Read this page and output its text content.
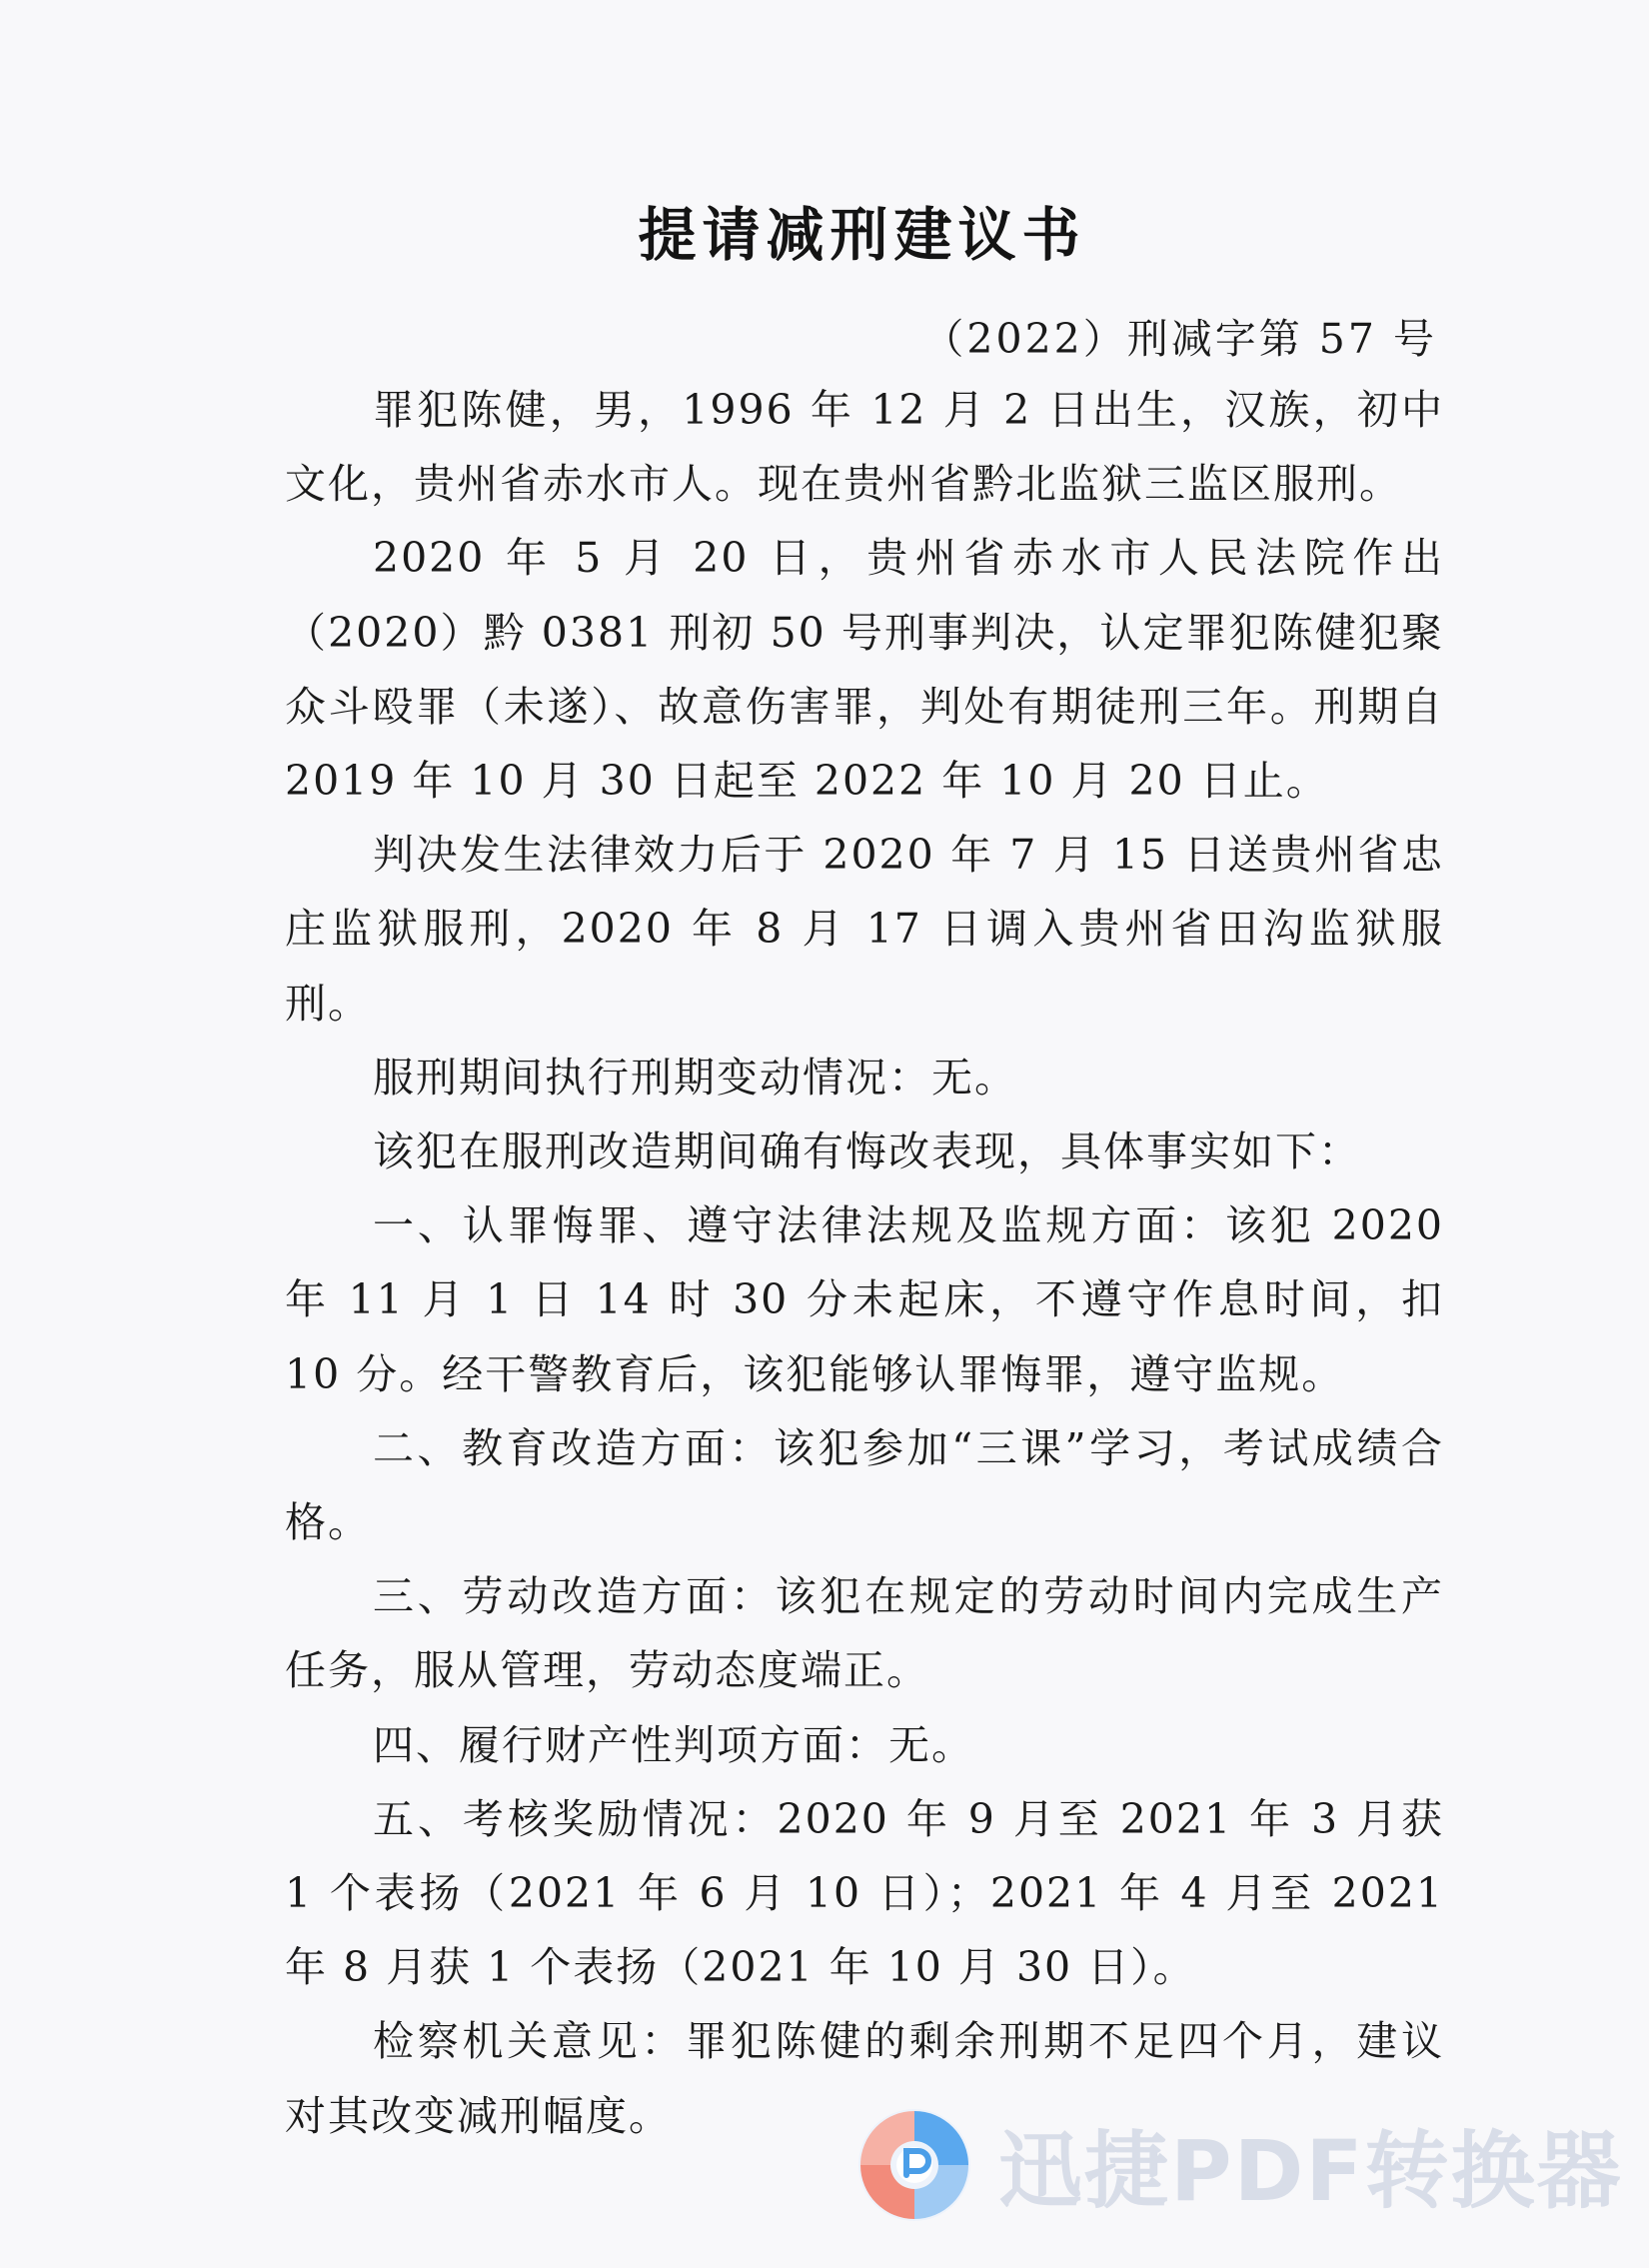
提请减刑建议书
（2022）刑减字第 57 号

罪犯陈健，男，1996 年 12 月 2 日出生，汉族，初中文化，贵州省赤水市人。现在贵州省黔北监狱三监区服刑。

2020 年 5 月 20 日，贵州省赤水市人民法院作出（2020）黔 0381 刑初 50 号刑事判决，认定罪犯陈健犯聚众斗殴罪（未遂）、故意伤害罪，判处有期徒刑三年。刑期自 2019 年 10 月 30 日起至 2022 年 10 月 20 日止。

判决发生法律效力后于 2020 年 7 月 15 日送贵州省忠庄监狱服刑，2020 年 8 月 17 日调入贵州省田沟监狱服刑。

服刑期间执行刑期变动情况：无。

该犯在服刑改造期间确有悔改表现，具体事实如下：

一、认罪悔罪、遵守法律法规及监规方面：该犯 2020 年 11 月 1 日 14 时 30 分未起床，不遵守作息时间，扣 10 分。经干警教育后，该犯能够认罪悔罪，遵守监规。

二、教育改造方面：该犯参加“三课”学习，考试成绩合格。

三、劳动改造方面：该犯在规定的劳动时间内完成生产任务，服从管理，劳动态度端正。

四、履行财产性判项方面：无。

五、考核奖励情况：2020 年 9 月至 2021 年 3 月获 1 个表扬（2021 年 6 月 10 日）；2021 年 4 月至 2021 年 8 月获 1 个表扬（2021 年 10 月 30 日）。

检察机关意见：罪犯陈健的剩余刑期不足四个月，建议对其改变减刑幅度。

迅捷PDF转换器
